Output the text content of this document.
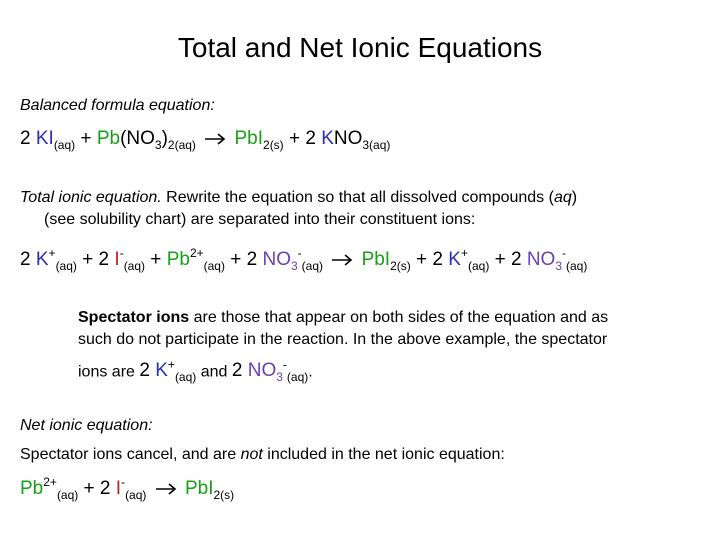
Total and Net Ionic Equations
Balanced formula equation:
2 $KI_{(aq)} + Pb(NO_3)_{2(aq)}$ PbI$_{2(s)}$ + 2 $KNO_{3(aq)}$
Total ionic equation. Rewrite the equation so that all dissolved compounds (aq)
(see solubility chart) are separated into their constituent ions:
2 $K^+_{(aq)} + 2$ $I^-_{(aq)} + Pb^{2+}_{(aq)} + 2$ $NO_3^-_{(aq)}$ PbI$_{2(s)}$ + 2 $K^+_{(aq)} + 2$ $NO_3^-_{(aq)}$
Spectator ions are those that appear on both sides of the equation and as
such do not participate in the reaction. In the above example, the spectator
ions are 2 $K^+_{(aq)}$ and 2 $NO_3^-_{(aq)}$.
Net ionic equation:
Spectator ions cancel, and are not included in the net ionic equation:
$Pb^{2+}_{(aq)} + 2$ $I^-_{(aq)}$ PbI$_{2(s)}$
